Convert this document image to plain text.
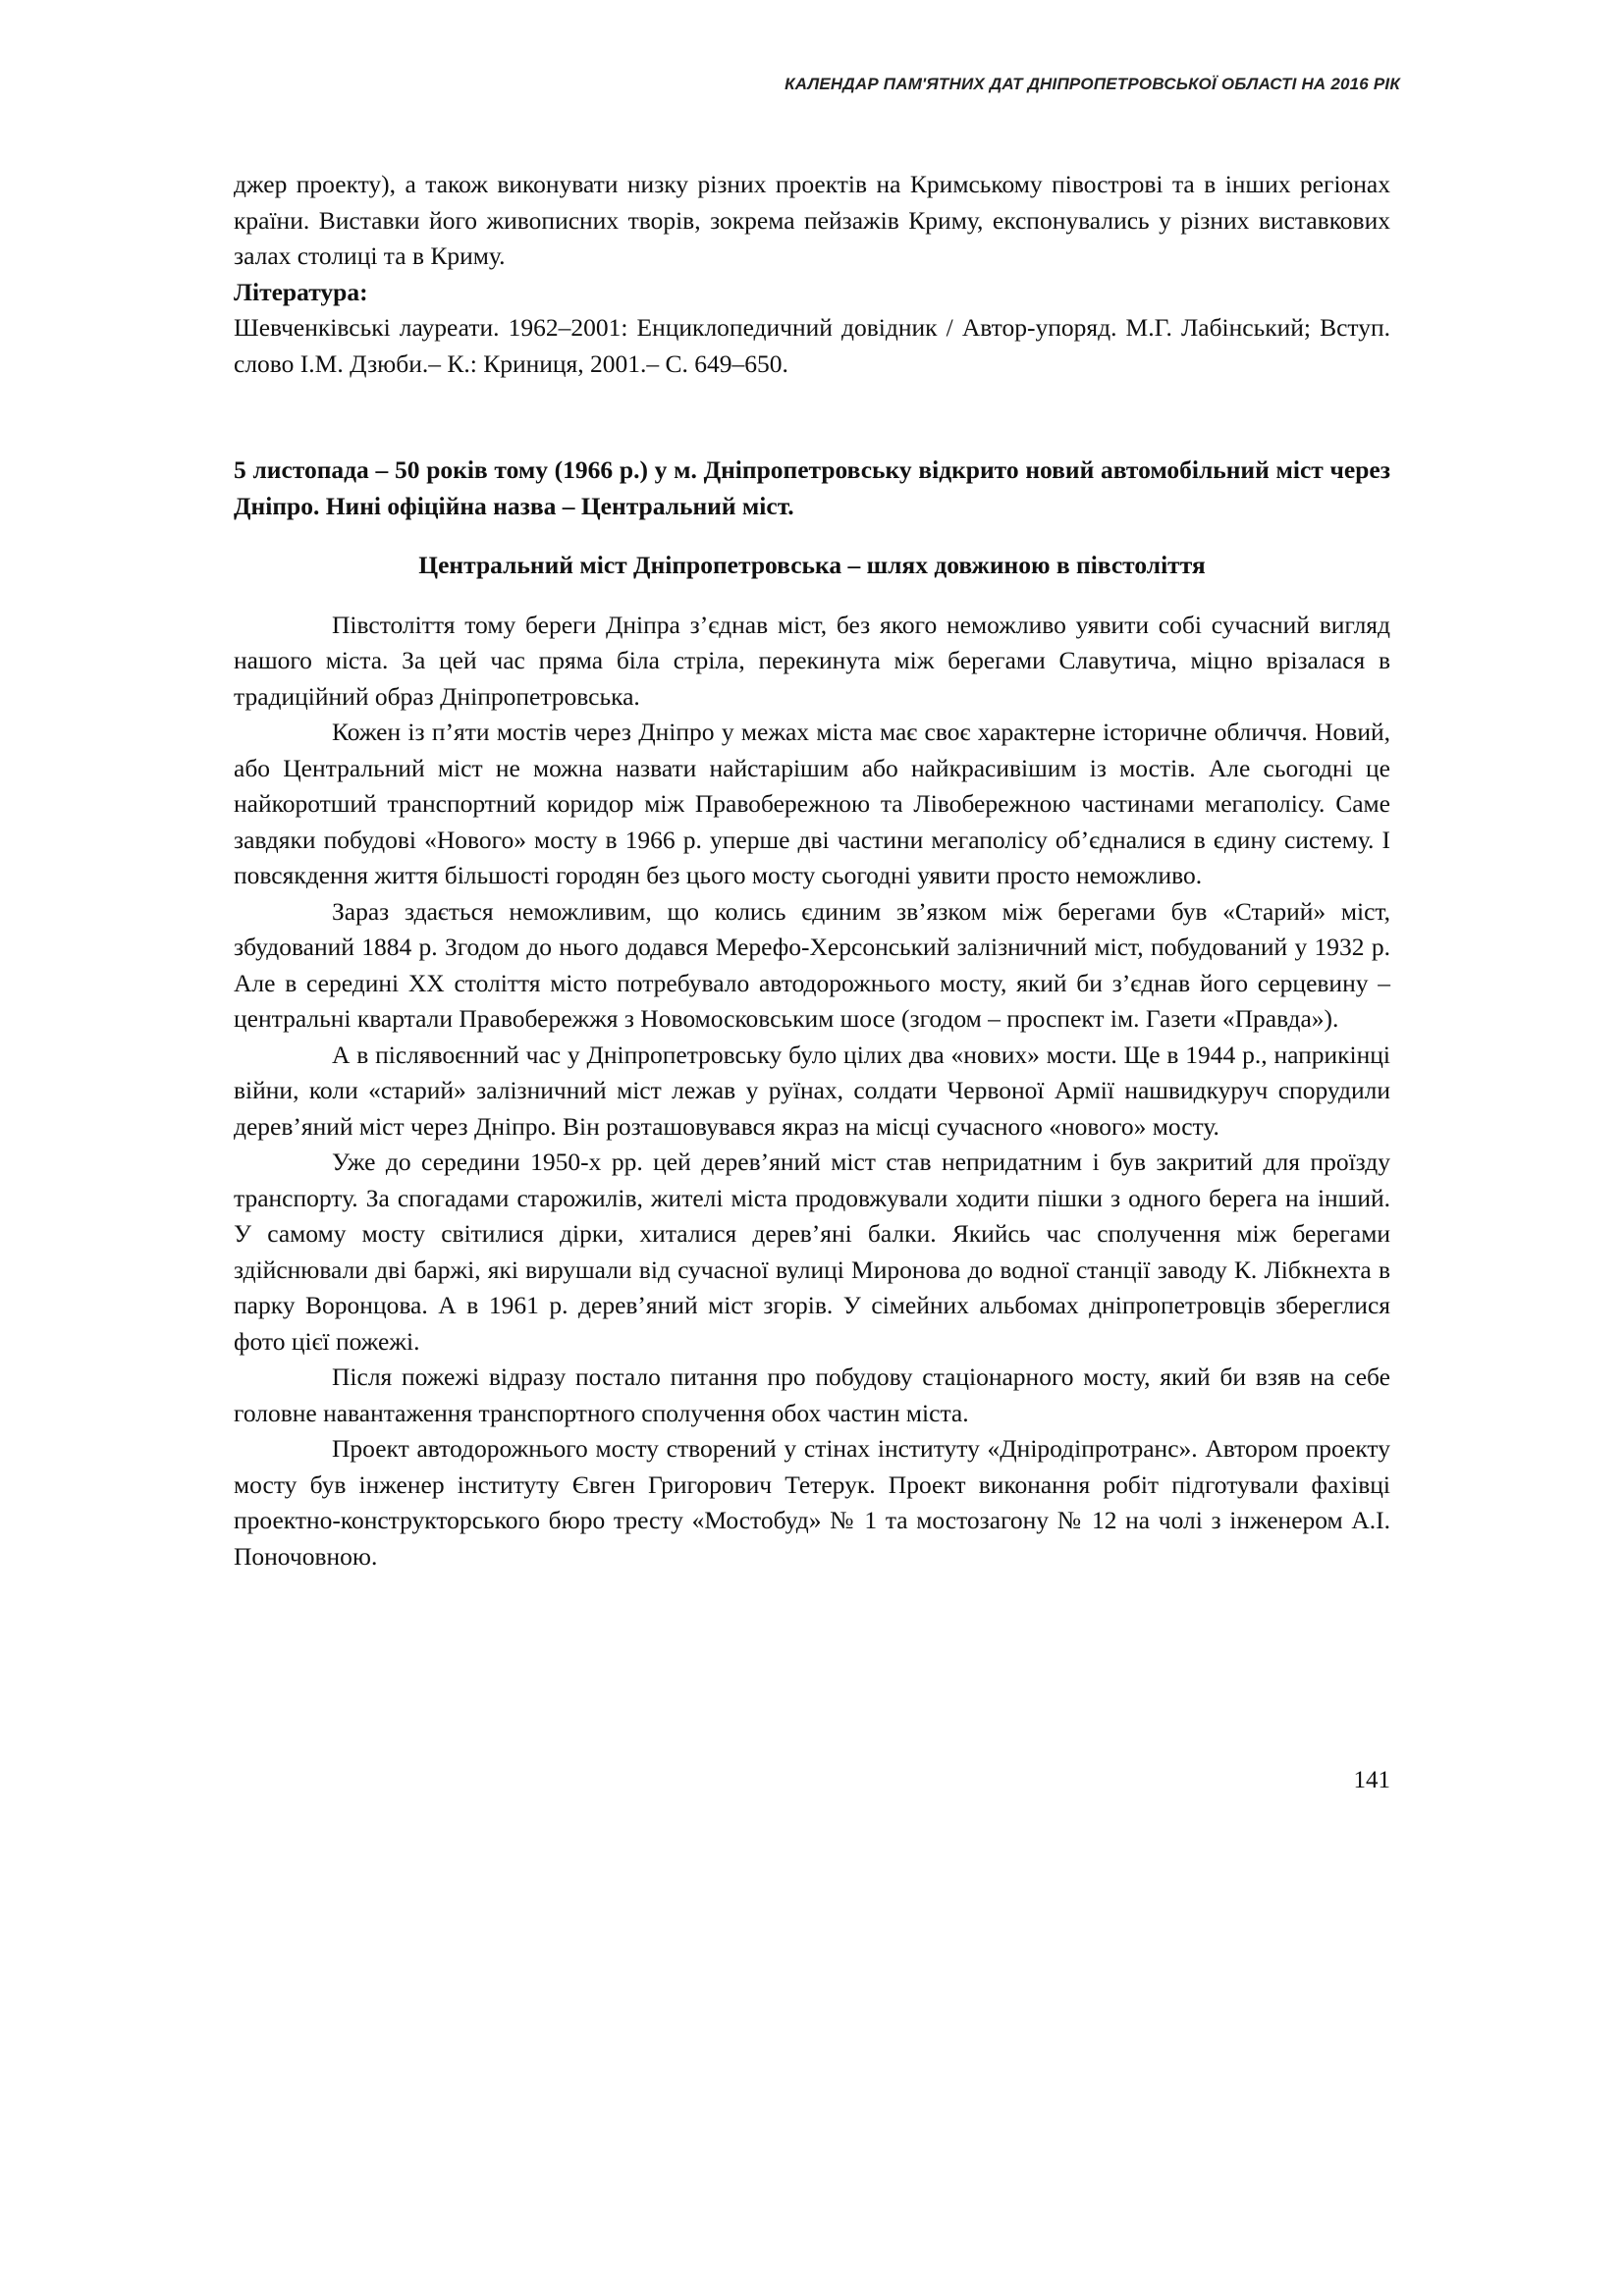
КАЛЕНДАР ПАМ'ЯТНИХ ДАТ ДНІПРОПЕТРОВСЬКОЇ ОБЛАСТІ НА 2016 РІК

джер проекту), а також виконувати низку різних проектів на Кримському півострові та в інших регіонах країни. Виставки його живописних творів, зокрема пейзажів Криму, експонувались у різних виставкових залах столиці та в Криму.

Література:

Шевченківські лауреати. 1962–2001: Енциклопедичний довідник / Автор-упоряд. М.Г. Лабінський; Вступ. слово І.М. Дзюби.– К.: Криниця, 2001.– С. 649–650.

5 листопада – 50 років тому (1966 р.) у м. Дніпропетровську відкрито новий автомобільний міст через Дніпро. Нині офіційна назва – Центральний міст.

Центральний міст Дніпропетровська – шлях довжиною в півстоліття

Півстоліття тому береги Дніпра з’єднав міст, без якого неможливо уявити собі сучасний вигляд нашого міста. За цей час пряма біла стріла, перекинута між берегами Славутича, міцно врізалася в традиційний образ Дніпропетровська.

Кожен із п’яти мостів через Дніпро у межах міста має своє характерне історичне обличчя. Новий, або Центральний міст не можна назвати найстарішим або найкрасивішим із мостів. Але сьогодні це найкоротший транспортний коридор між Правобережною та Лівобережною частинами мегаполісу. Саме завдяки побудові «Нового» мосту в 1966 р. уперше дві частини мегаполісу об’єдналися в єдину систему. І повсякдення життя більшості городян без цього мосту сьогодні уявити просто неможливо.

Зараз здається неможливим, що колись єдиним зв’язком між берегами був «Старий» міст, збудований 1884 р. Згодом до нього додався Мерефо-Херсонський залізничний міст, побудований у 1932 р. Але в середині XX століття місто потребувало автодорожнього мосту, який би з’єднав його серцевину – центральні квартали Правобережжя з Новомосковським шосе (згодом – проспект ім. Газети «Правда»).

А в післявоєнний час у Дніпропетровську було цілих два «нових» мости. Ще в 1944 р., наприкінці війни, коли «старий» залізничний міст лежав у руїнах, солдати Червоної Армії нашвидкуруч спорудили дерев’яний міст через Дніпро. Він розташовувався якраз на місці сучасного «нового» мосту.

Уже до середини 1950-х рр. цей дерев’яний міст став непридатним і був закритий для проїзду транспорту. За спогадами старожилів, жителі міста продовжували ходити пішки з одного берега на інший. У самому мосту світилися дірки, хиталися дерев’яні балки. Якийсь час сполучення між берегами здійснювали дві баржі, які вирушали від сучасної вулиці Миронова до водної станції заводу К. Лібкнехта в парку Воронцова. А в 1961 р. дерев’яний міст згорів. У сімейних альбомах дніпропетровців збереглися фото цієї пожежі.

Після пожежі відразу постало питання про побудову стаціонарного мосту, який би взяв на себе головне навантаження транспортного сполучення обох частин міста.

Проект автодорожнього мосту створений у стінах інституту «Дніродіпротранс». Автором проекту мосту був інженер інституту Євген Григорович Тетерук. Проект виконання робіт підготували фахівці проектно-конструкторського бюро тресту «Мостобуд» № 1 та мостозагону № 12 на чолі з інженером А.І. Поночовною.

141
